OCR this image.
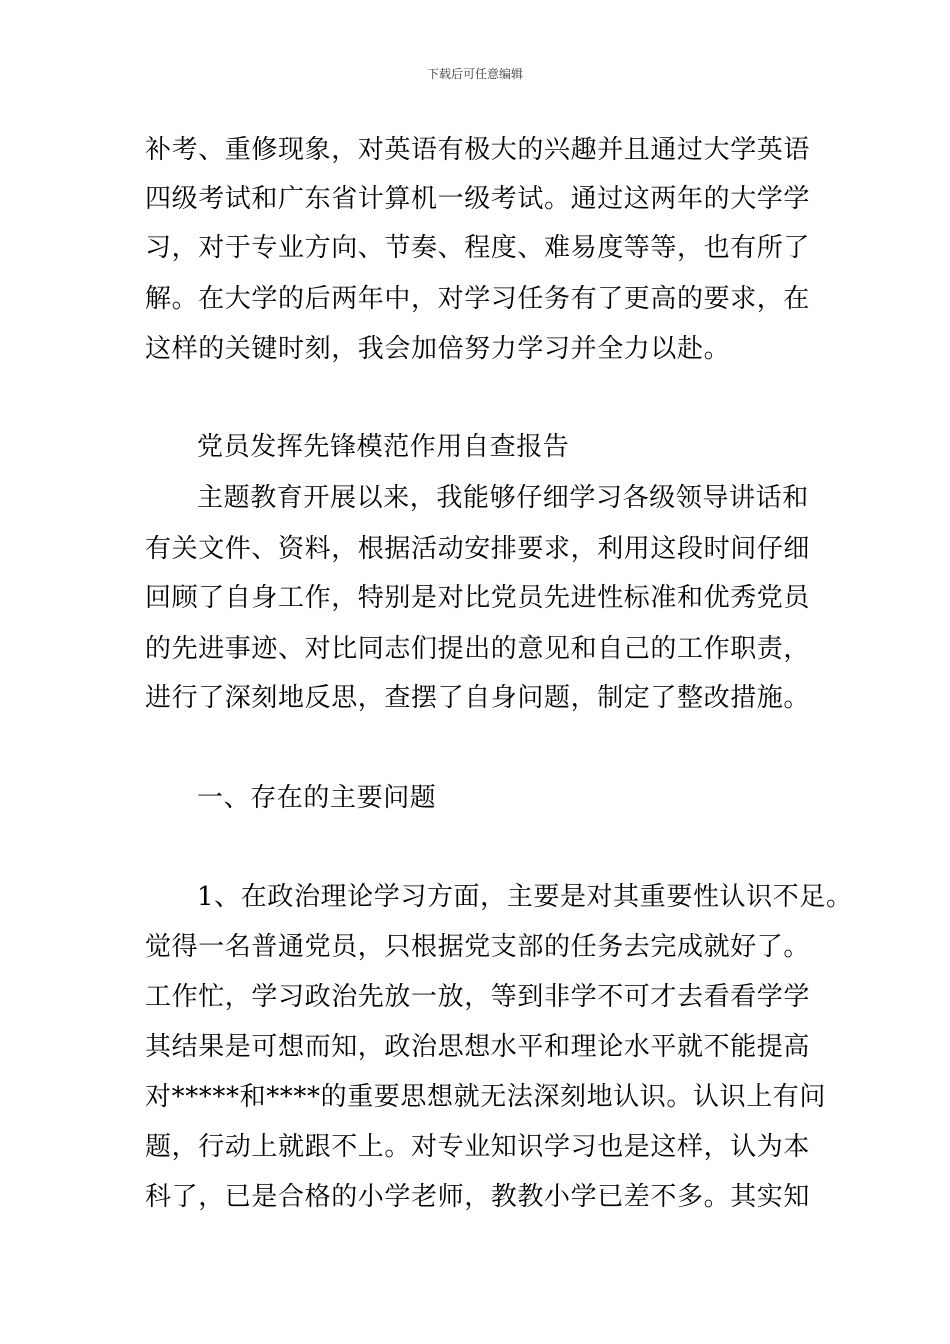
下载后可任意编辑
补考、重修现象，对英语有极大的兴趣并且通过大学英语
四级考试和广东省计算机一级考试。通过这两年的大学学
习，对于专业方向、节奏、程度、难易度等等，也有所了
解。在大学的后两年中，对学习任务有了更高的要求，在
这样的关键时刻，我会加倍努力学习并全力以赴。
党员发挥先锋模范作用自查报告
主题教育开展以来，我能够仔细学习各级领导讲话和
有关文件、资料，根据活动安排要求，利用这段时间仔细
回顾了自身工作，特别是对比党员先进性标准和优秀党员
的先进事迹、对比同志们提出的意见和自己的工作职责，
进行了深刻地反思，查摆了自身问题，制定了整改措施。
一、存在的主要问题
1、在政治理论学习方面，主要是对其重要性认识不足。
觉得一名普通党员，只根据党支部的任务去完成就好了。
工作忙，学习政治先放一放，等到非学不可才去看看学学
其结果是可想而知，政治思想水平和理论水平就不能提高
对*****和****的重要思想就无法深刻地认识。认识上有问
题，行动上就跟不上。对专业知识学习也是这样，认为本
科了，已是合格的小学老师，教教小学已差不多。其实知
